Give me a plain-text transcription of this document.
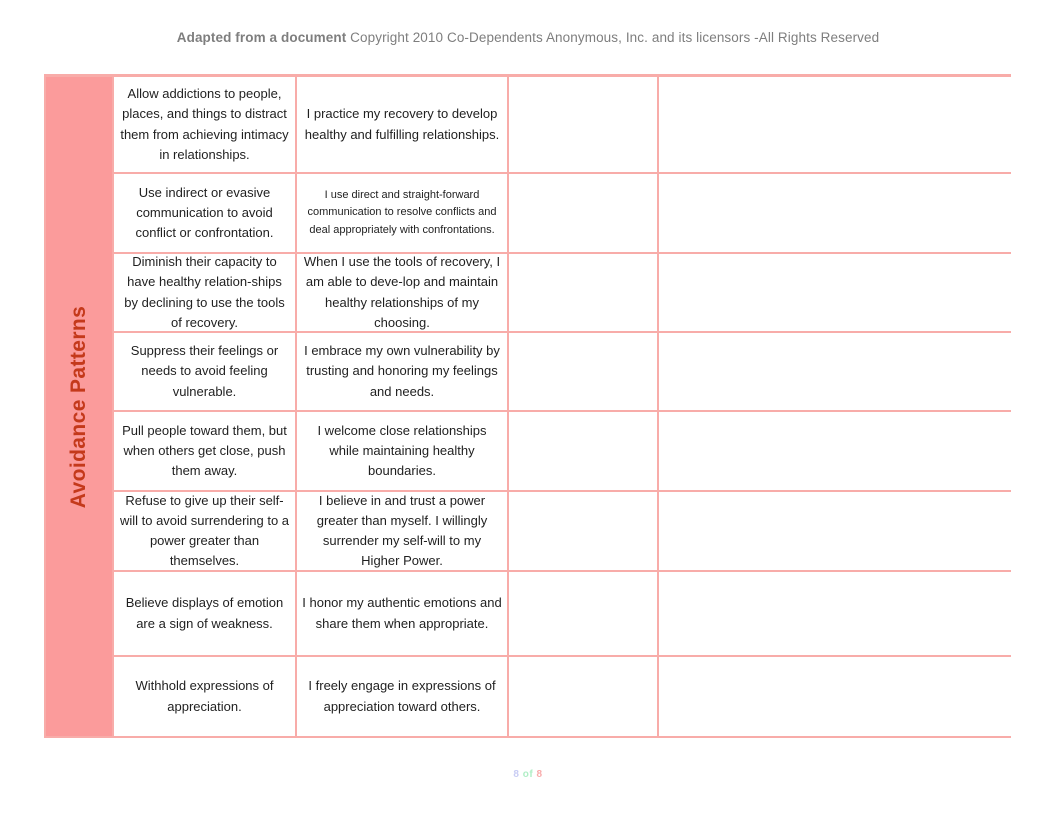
Adapted from a document Copyright 2010 Co-Dependents Anonymous, Inc. and its licensors -All Rights Reserved
Avoidance Patterns
Allow addictions to people, places, and things to distract them from achieving intimacy in relationships.
I practice my recovery to develop healthy and fulfilling relationships.
Use indirect or evasive communication to avoid conflict or confrontation.
I use direct and straight-forward communication to resolve conflicts and deal appropriately with confrontations.
Diminish their capacity to have healthy relation-ships by declining to use the tools of recovery.
When I use the tools of recovery, I am able to deve-lop and maintain healthy relationships of my choosing.
Suppress their feelings or needs to avoid feeling vulnerable.
I embrace my own vulnerability by trusting and honoring my feelings and needs.
Pull people toward them, but when others get close, push them away.
I welcome close relationships while maintaining healthy boundaries.
Refuse to give up their self-will to avoid surrendering to a power greater than themselves.
I believe in and trust a power greater than myself. I willingly surrender my self-will to my Higher Power.
Believe displays of emotion are a sign of weakness.
I honor my authentic emotions and share them when appropriate.
Withhold expressions of appreciation.
I freely engage in expressions of appreciation toward others.
8 of 8
